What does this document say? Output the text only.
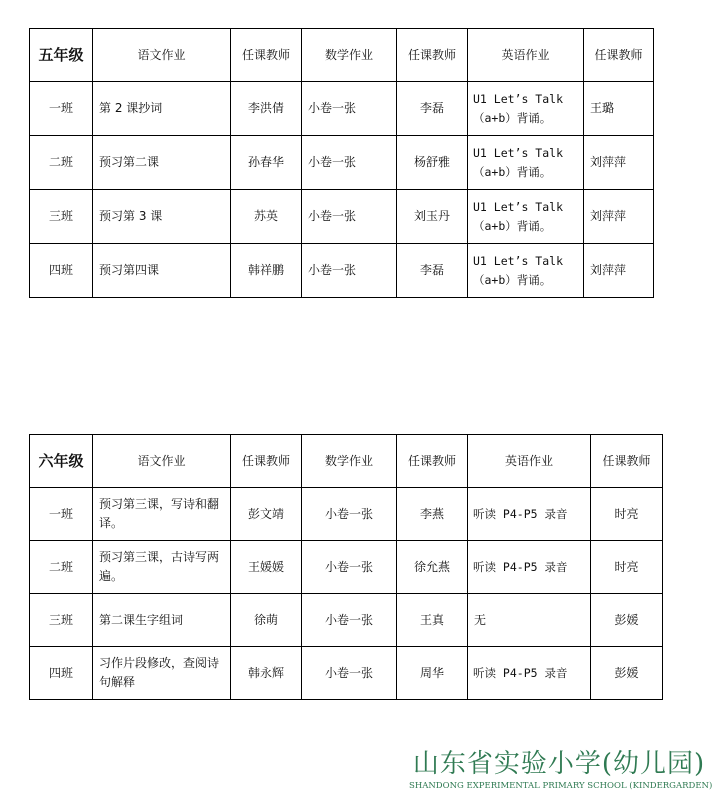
五年级	语文作业	任课教师	数学作业	任课教师	英语作业	任课教师
一班	第 2 课抄词	李洪倩	小卷一张	李磊	U1 Let’s Talk（a+b）背诵。	王璐
二班	预习第二课	孙春华	小卷一张	杨舒雅	U1 Let’s Talk（a+b）背诵。	刘萍萍
三班	预习第 3 课	苏英	小卷一张	刘玉丹	U1 Let’s Talk（a+b）背诵。	刘萍萍
四班	预习第四课	韩祥鹏	小卷一张	李磊	U1 Let’s Talk（a+b）背诵。	刘萍萍
六年级	语文作业	任课教师	数学作业	任课教师	英语作业	任课教师
一班	预习第三课，写诗和翻译。	彭文靖	小卷一张	李燕	听读 P4-P5 录音	时亮
二班	预习第三课，古诗写两遍。	王媛媛	小卷一张	徐允燕	听读 P4-P5 录音	时亮
三班	第二课生字组词	徐萌	小卷一张	王真	无	彭媛
四班	习作片段修改，查阅诗句解释	韩永辉	小卷一张	周华	听读 P4-P5 录音	彭媛
山东省实验小学(幼儿园)
SHANDONG EXPERIMENTAL PRIMARY SCHOOL (KINDERGARDEN)
